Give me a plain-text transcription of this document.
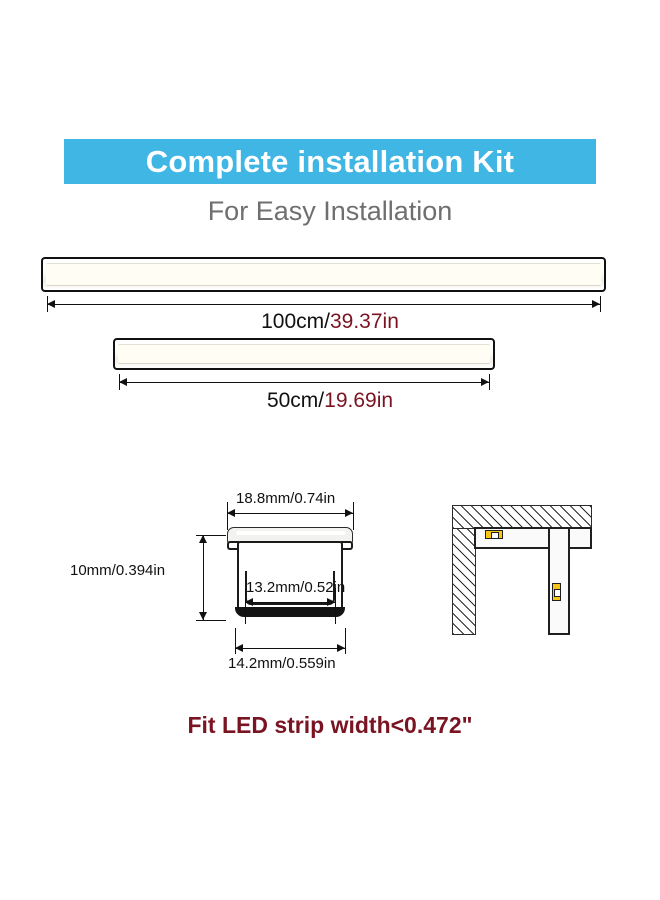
Complete installation Kit
For Easy Installation
100cm/39.37in
50cm/19.69in
18.8mm/0.74in
10mm/0.394in
13.2mm/0.52in
14.2mm/0.559in
Fit LED strip width<0.472"
